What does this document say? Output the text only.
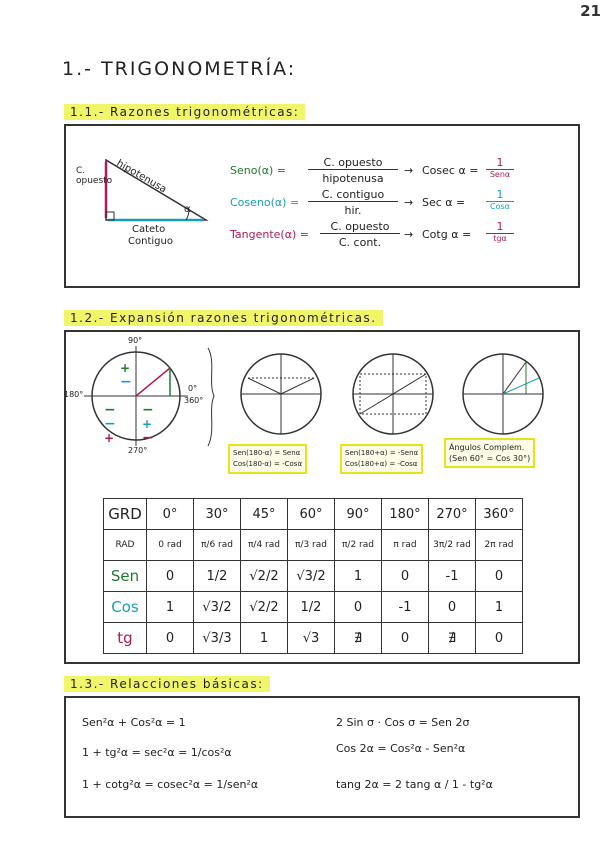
21
1.- TRIGONOMETRÍA:
1.1.- Razones trigonométricas:
hipotenusa
C. opuesto
α
Cateto
Contiguo
Seno(α) =
C. opuesto
hipotenusa
→ Cosec α =
1
Senα
Coseno(α) =
C. contiguo
hir.
→ Sec α =
1
Cosα
Tangente(α) =
C. opuesto
C. cont.
→ Cotg α =
1
tgα
1.2.- Expansión razones trigonométricas.
+
−
−
−
+
−
+
−
90°
180°
0°
360°
270°	Sen(180-α) = Senα
Cos(180-α) = -Cosα
Sen(180+α) = -Senα
Cos(180+α) = -Cosα
Ángulos Complem.
(Sen 60° = Cos 30°)
GRD	0°	30°	45°	60°	90°	180°	270°	360°
RAD	0 rad	π/6 rad	π/4 rad	π/3 rad	π/2 rad	π rad	3π/2 rad	2π rad
Sen	0	1/2	√2/2	√3/2	1	0	-1	0
Cos	1	√3/2	√2/2	1/2	0	-1	0	1
tg	0	√3/3	1	√3	∄	0	∄	0
1.3.- Relacciones básicas:
Sen²α + Cos²α = 1
1 + tg²α = sec²α = 1/cos²α
1 + cotg²α = cosec²α = 1/sen²α
2 Sin σ · Cos σ = Sen 2σ
Cos 2α = Cos²α - Sen²α
tang 2α = 2 tang α / 1 - tg²α
